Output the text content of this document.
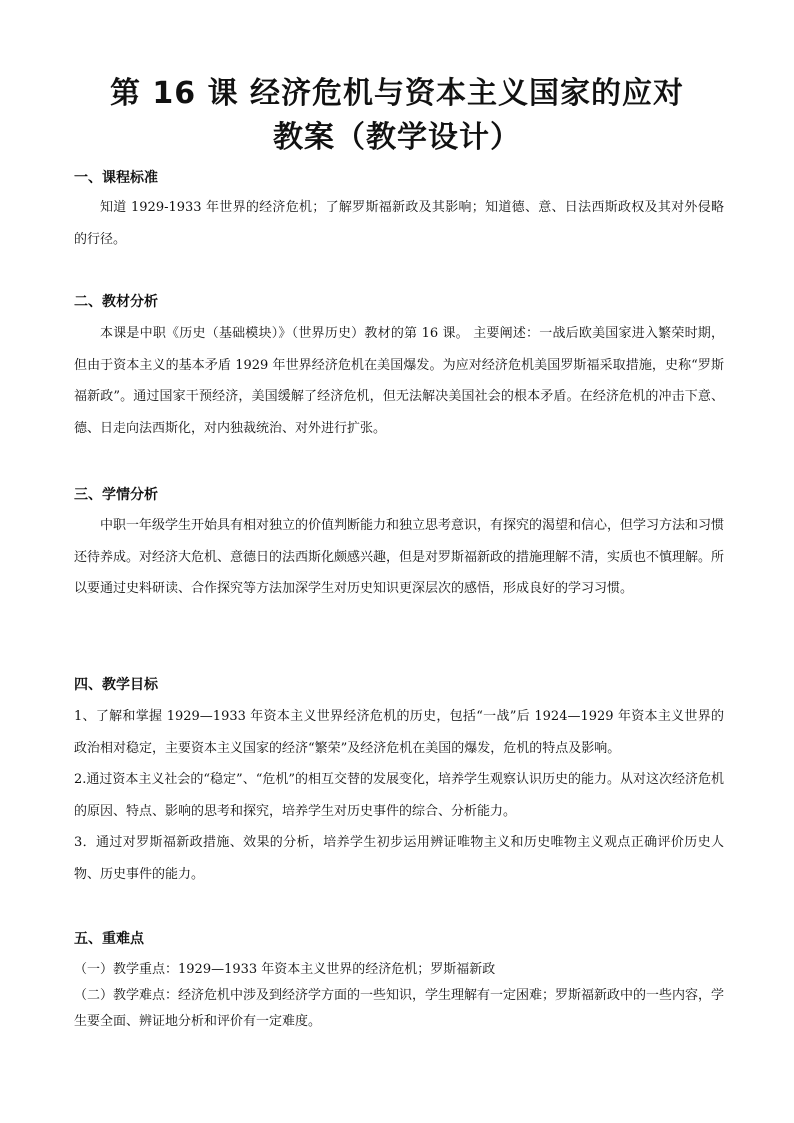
第 16 课 经济危机与资本主义国家的应对
教案（教学设计）
一、课程标准
知道 1929-1933 年世界的经济危机；了解罗斯福新政及其影响；知道德、意、日法西斯政权及其对外侵略的行径。
二、教材分析
本课是中职《历史（基础模块）》（世界历史）教材的第 16 课。 主要阐述：一战后欧美国家进入繁荣时期，但由于资本主义的基本矛盾 1929 年世界经济危机在美国爆发。为应对经济危机美国罗斯福采取措施，史称“罗斯福新政”。通过国家干预经济，美国缓解了经济危机，但无法解决美国社会的根本矛盾。在经济危机的冲击下意、德、日走向法西斯化，对内独裁统治、对外进行扩张。
三、学情分析
中职一年级学生开始具有相对独立的价值判断能力和独立思考意识，有探究的渴望和信心，但学习方法和习惯还待养成。对经济大危机、意德日的法西斯化颇感兴趣，但是对罗斯福新政的措施理解不清，实质也不慎理解。所以要通过史料研读、合作探究等方法加深学生对历史知识更深层次的感悟，形成良好的学习习惯。
四、教学目标

1、了解和掌握 1929—1933 年资本主义世界经济危机的历史，包括“一战”后 1924—1929 年资本主义世界的政治相对稳定，主要资本主义国家的经济“繁荣”及经济危机在美国的爆发，危机的特点及影响。

2.通过资本主义社会的“稳定”、“危机”的相互交替的发展变化，培养学生观察认识历史的能力。从对这次经济危机的原因、特点、影响的思考和探究，培养学生对历史事件的综合、分析能力。

3．通过对罗斯福新政措施、效果的分析，培养学生初步运用辨证唯物主义和历史唯物主义观点正确评价历史人物、历史事件的能力。

五、重难点

（一）教学重点：1929—1933 年资本主义世界的经济危机；罗斯福新政

（二）教学难点：经济危机中涉及到经济学方面的一些知识，学生理解有一定困难；罗斯福新政中的一些内容，学生要全面、辨证地分析和评价有一定难度。
